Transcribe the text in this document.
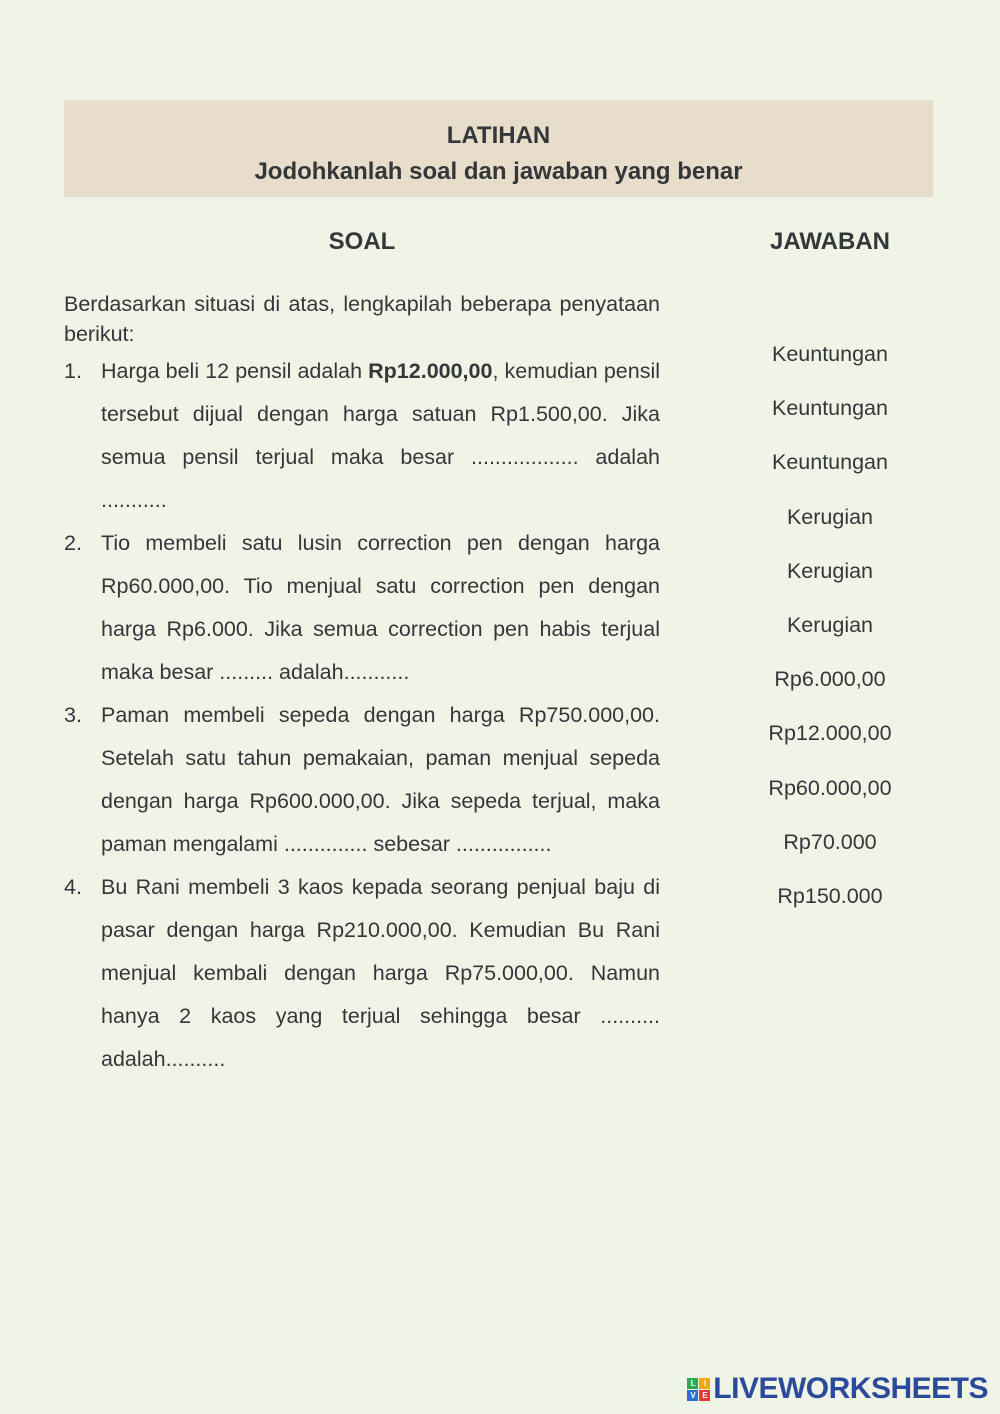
LATIHAN
Jodohkanlah soal dan jawaban yang benar
SOAL	JAWABAN
Berdasarkan situasi di atas, lengkapilah beberapa penyataan berikut:
1. Harga beli 12 pensil adalah Rp12.000,00, kemudian pensil tersebut dijual dengan harga satuan Rp1.500,00. Jika semua pensil terjual maka besar .................. adalah ...........
2. Tio membeli satu lusin correction pen dengan harga Rp60.000,00. Tio menjual satu correction pen dengan harga Rp6.000. Jika semua correction pen habis terjual maka besar ......... adalah...........
3. Paman membeli sepeda dengan harga Rp750.000,00. Setelah satu tahun pemakaian, paman menjual sepeda dengan harga Rp600.000,00. Jika sepeda terjual, maka paman mengalami .............. sebesar ................
4. Bu Rani membeli 3 kaos kepada seorang penjual baju di pasar dengan harga Rp210.000,00. Kemudian Bu Rani menjual kembali dengan harga Rp75.000,00. Namun hanya 2 kaos yang terjual sehingga besar .......... adalah..........
Keuntungan
Keuntungan
Keuntungan
Kerugian
Kerugian
Kerugian
Rp6.000,00
Rp12.000,00
Rp60.000,00
Rp70.000
Rp150.000
L	I
V E LIVEWORKSHEETS
